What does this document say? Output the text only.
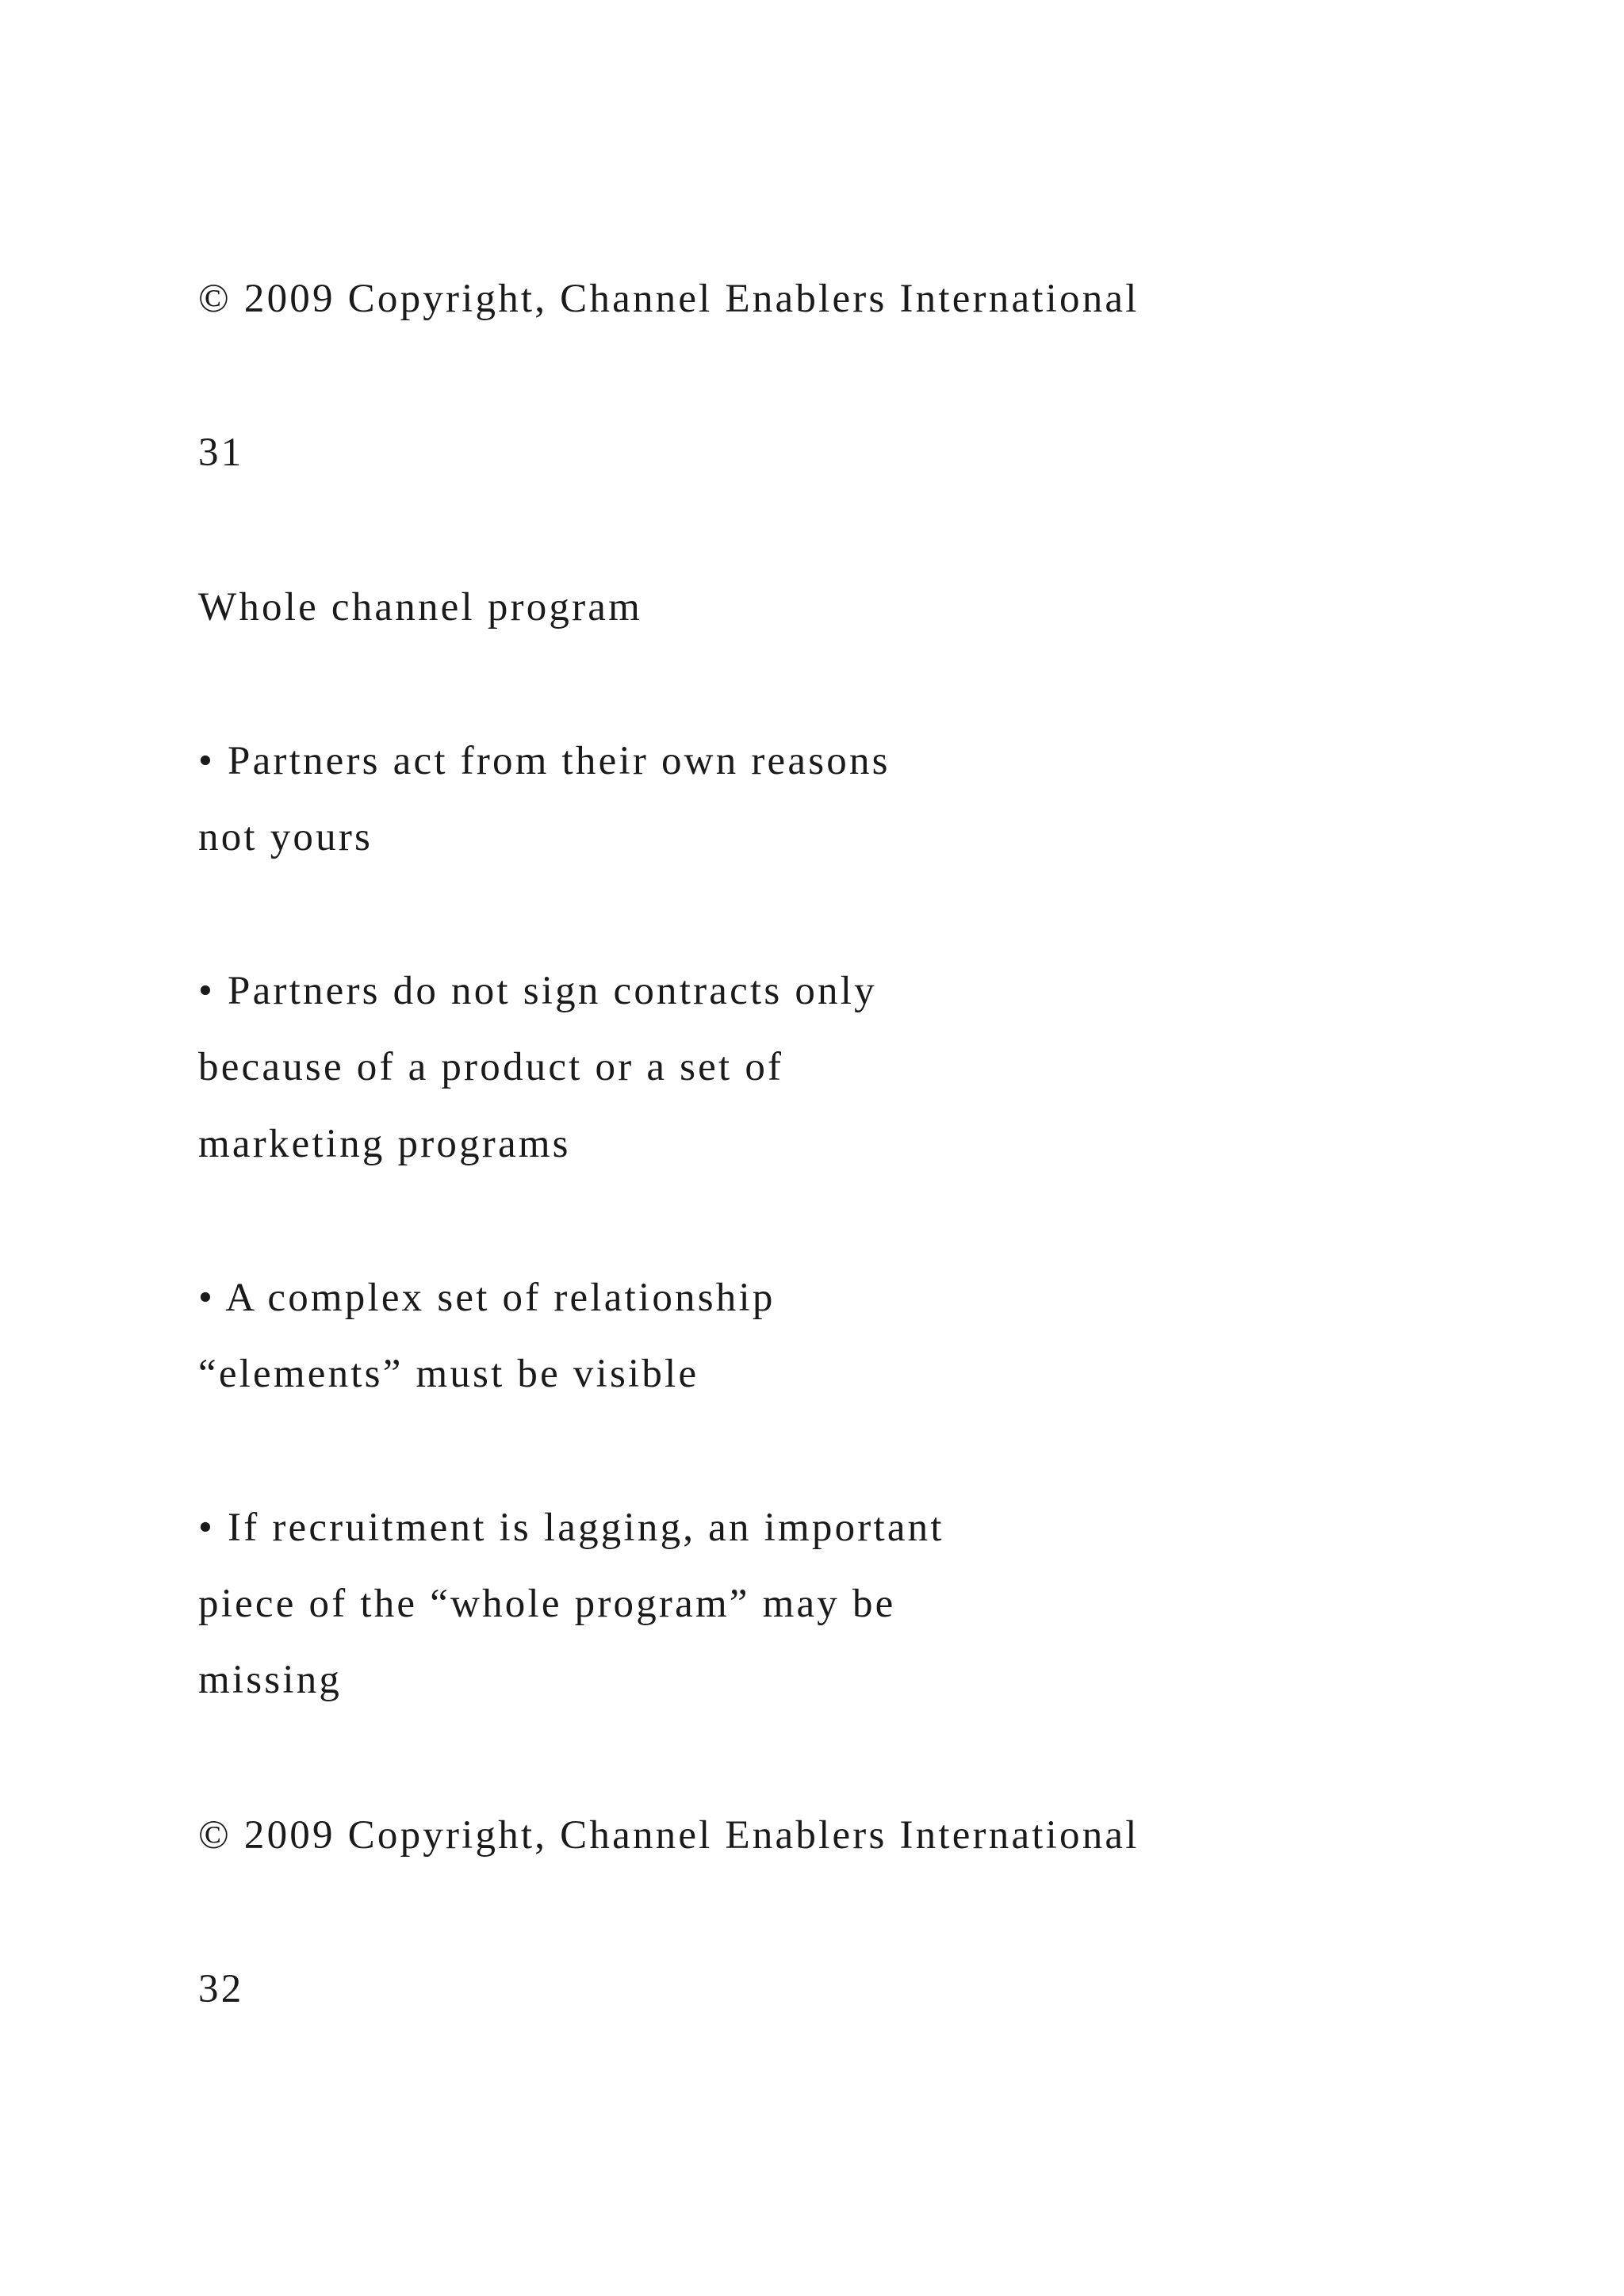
© 2009 Copyright, Channel Enablers International
31
Whole channel program
• Partners act from their own reasons
not yours
• Partners do not sign contracts only
because of a product or a set of
marketing programs
• A complex set of relationship
“elements” must be visible
• If recruitment is lagging, an important
piece of the “whole program” may be
missing
© 2009 Copyright, Channel Enablers International
32
